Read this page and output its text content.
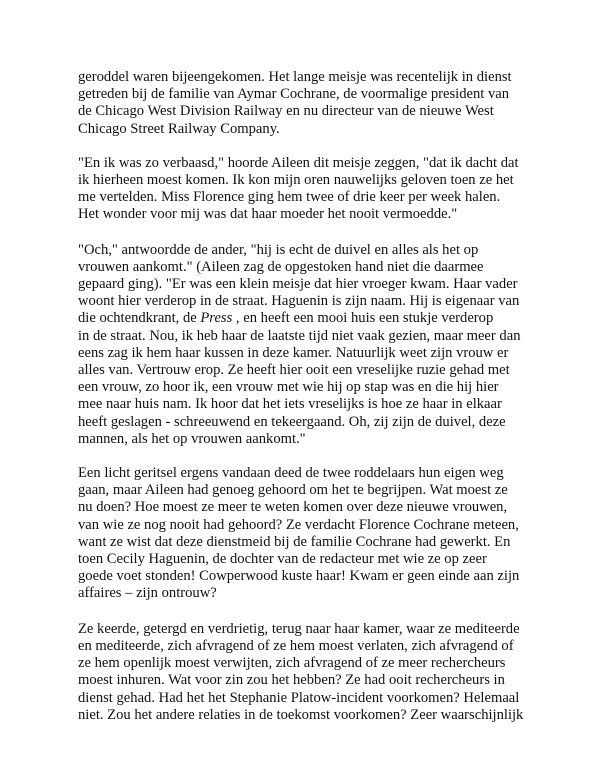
geroddel waren bijeengekomen. Het lange meisje was recentelijk in dienst
getreden bij de familie van Aymar Cochrane, de voormalige president van
de Chicago West Division Railway en nu directeur van de nieuwe West
Chicago Street Railway Company.

"En ik was zo verbaasd," hoorde Aileen dit meisje zeggen, "dat ik dacht dat
ik hierheen moest komen. Ik kon mijn oren nauwelijks geloven toen ze het
me vertelden. Miss Florence ging hem twee of drie keer per week halen.
Het wonder voor mij was dat haar moeder het nooit vermoedde."

"Och," antwoordde de ander, "hij is echt de duivel en alles als het op
vrouwen aankomt." (Aileen zag de opgestoken hand niet die daarmee
gepaard ging). "Er was een klein meisje dat hier vroeger kwam. Haar vader
woont hier verderop in de straat. Haguenin is zijn naam. Hij is eigenaar van
die ochtendkrant, de Press , en heeft een mooi huis een stukje verderop
in de straat. Nou, ik heb haar de laatste tijd niet vaak gezien, maar meer dan
eens zag ik hem haar kussen in deze kamer. Natuurlijk weet zijn vrouw er
alles van. Vertrouw erop. Ze heeft hier ooit een vreselijke ruzie gehad met
een vrouw, zo hoor ik, een vrouw met wie hij op stap was en die hij hier
mee naar huis nam. Ik hoor dat het iets vreselijks is hoe ze haar in elkaar
heeft geslagen - schreeuwend en tekeergaand. Oh, zij zijn de duivel, deze
mannen, als het op vrouwen aankomt."

Een licht geritsel ergens vandaan deed de twee roddelaars hun eigen weg
gaan, maar Aileen had genoeg gehoord om het te begrijpen. Wat moest ze
nu doen? Hoe moest ze meer te weten komen over deze nieuwe vrouwen,
van wie ze nog nooit had gehoord? Ze verdacht Florence Cochrane meteen,
want ze wist dat deze dienstmeid bij de familie Cochrane had gewerkt. En
toen Cecily Haguenin, de dochter van de redacteur met wie ze op zeer
goede voet stonden! Cowperwood kuste haar! Kwam er geen einde aan zijn
affaires – zijn ontrouw?

Ze keerde, getergd en verdrietig, terug naar haar kamer, waar ze mediteerde
en mediteerde, zich afvragend of ze hem moest verlaten, zich afvragend of
ze hem openlijk moest verwijten, zich afvragend of ze meer rechercheurs
moest inhuren. Wat voor zin zou het hebben? Ze had ooit rechercheurs in
dienst gehad. Had het het Stephanie Platow-incident voorkomen? Helemaal
niet. Zou het andere relaties in de toekomst voorkomen? Zeer waarschijnlijk
